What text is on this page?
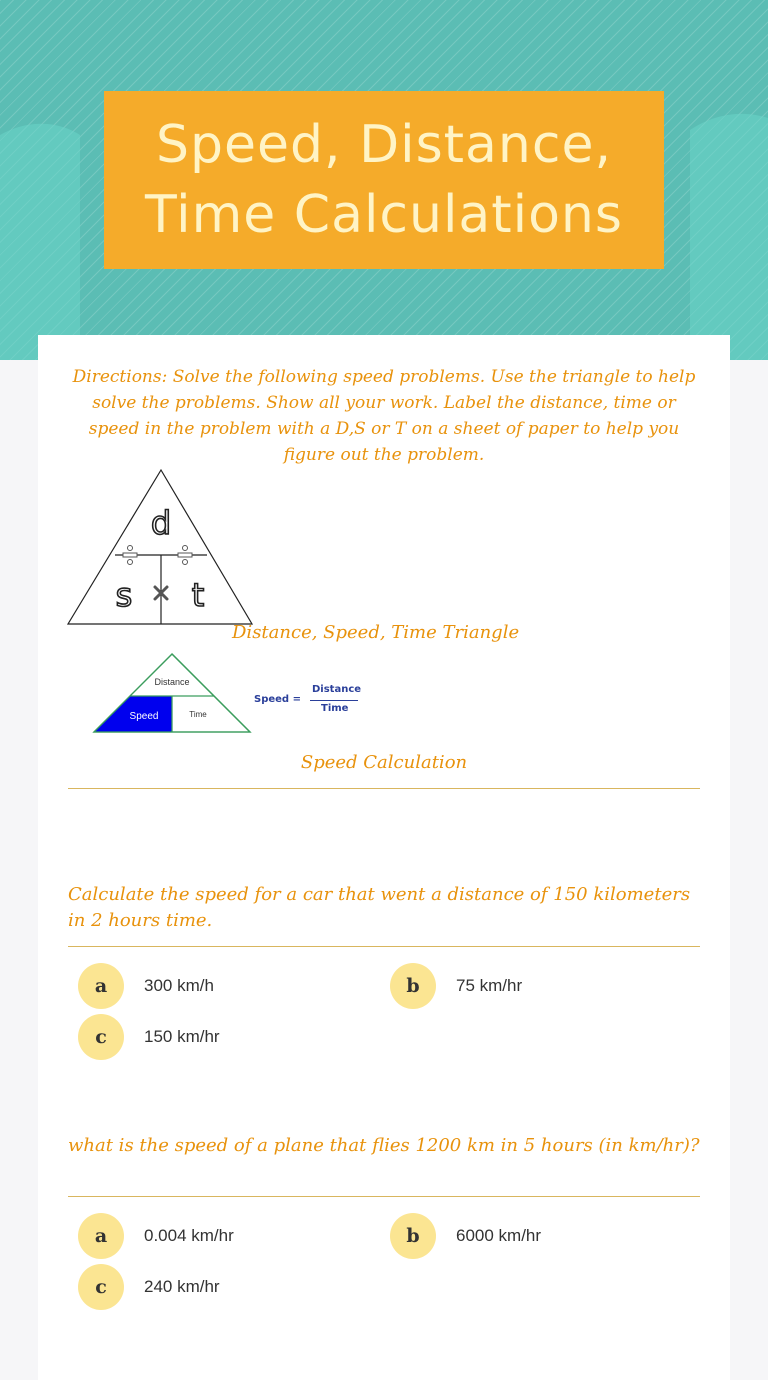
Speed, Distance, Time Calculations

Directions: Solve the following speed problems. Use the triangle to help solve the problems. Show all your work. Label the distance, time or speed in the problem with a D,S or T on a sheet of paper to help you figure out the problem.

d
s t
Distance, Speed, Time Triangle
Distance
Speed	Time
Speed =
Distance
Time
Speed Calculation

Calculate the speed for a car that went a distance of 150 kilometers in 2 hours time.

a	300 km/h	b	75 km/hr
c	150 km/hr

what is the speed of a plane that flies 1200 km in 5 hours (in km/hr)?

a	0.004 km/hr	b	6000 km/hr
c	240 km/hr
